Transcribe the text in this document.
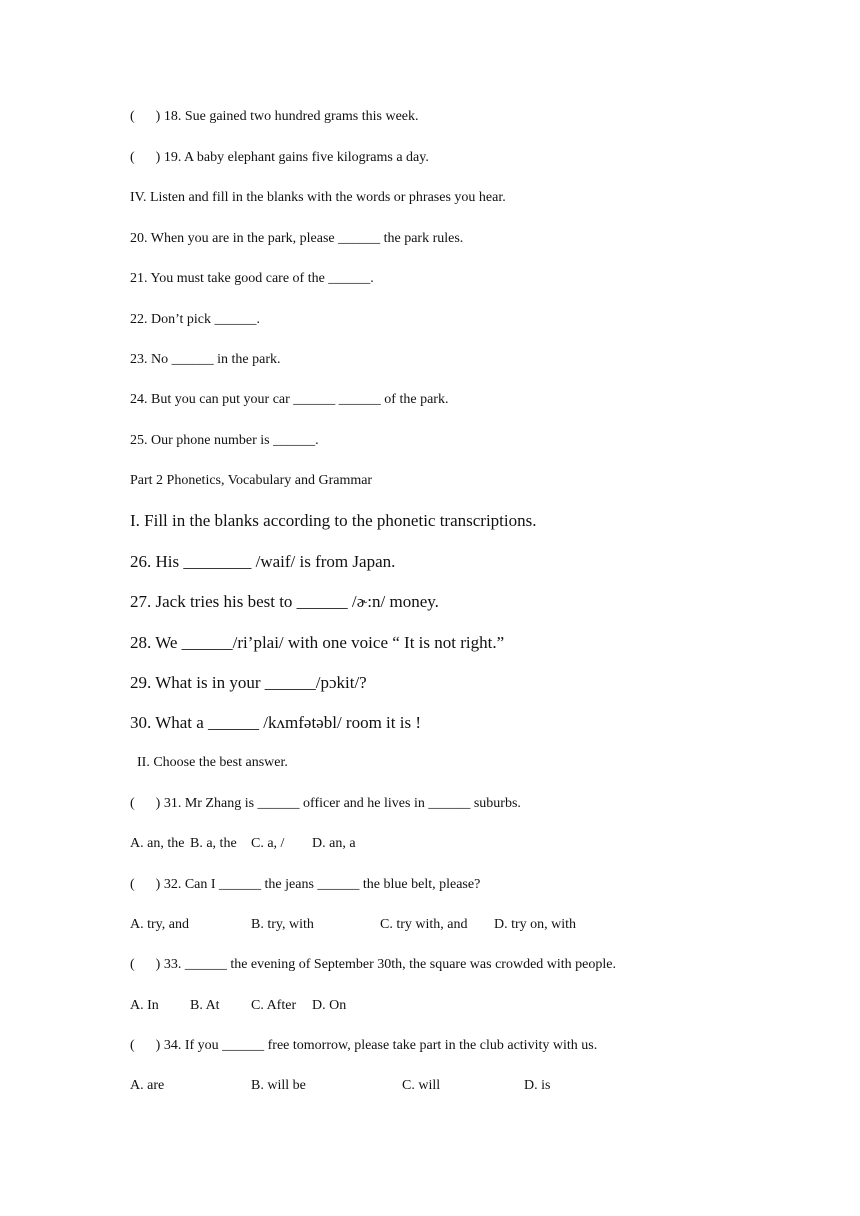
(      ) 18. Sue gained two hundred grams this week.
(      ) 19. A baby elephant gains five kilograms a day.
IV. Listen and fill in the blanks with the words or phrases you hear.
20. When you are in the park, please ______ the park rules.
21. You must take good care of the ______.
22. Don’t pick ______.
23. No ______ in the park.
24. But you can put your car ______ ______ of the park.
25. Our phone number is ______.
Part 2 Phonetics, Vocabulary and Grammar
I. Fill in the blanks according to the phonetic transcriptions.
26. His ________ /waif/ is from Japan.
27. Jack tries his best to ______ /ɚ:n/ money.
28. We ______/ri’plai/ with one voice “ It is not right.”
29. What is in your ______/pɔkit/?
30. What a ______ /kʌmfətəbl/ room it is !
II. Choose the best answer.
(      ) 31. Mr Zhang is ______ officer and he lives in ______ suburbs.
A. an, the B. a, the C. a, / D. an, a
(      ) 32. Can I ______ the jeans ______ the blue belt, please?
A. try, and	B. try, with	C. try with, and D. try on, with
(      ) 33. ______ the evening of September 30th, the square was crowded with people.
A. In B. At C. After D. On
(      ) 34. If you ______ free tomorrow, please take part in the club activity with us.
A. are	B. will be	C. will	D. is
